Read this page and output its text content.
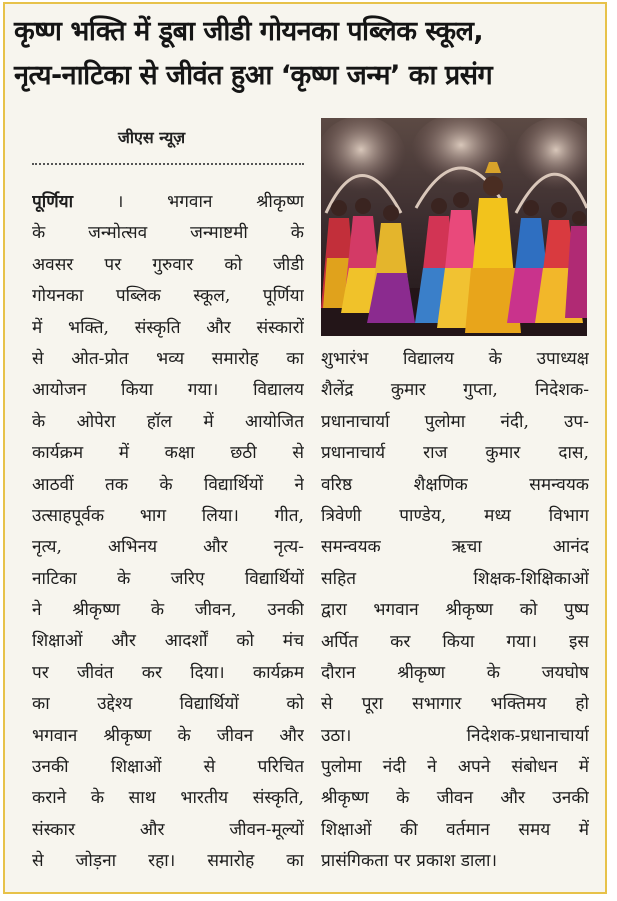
कृष्ण भक्ति में डूबा जीडी गोयनका पब्लिक स्कूल,
नृत्य-नाटिका से जीवंत हुआ ‘कृष्ण जन्म’ का प्रसंग
जीएस न्यूज़
पूर्णिया	। भगवान श्रीकृष्ण
के जन्मोत्सव जन्माष्टमी के
अवसर पर गुरुवार को जीडी
गोयनका पब्लिक स्कूल, पूर्णिया
में भक्ति, संस्कृति और संस्कारों
से ओत-प्रोत भव्य समारोह का
आयोजन किया गया। विद्यालय
के ओपेरा हॉल में आयोजित
कार्यक्रम में कक्षा छठी से
आठवीं तक के विद्यार्थियों ने
उत्साहपूर्वक भाग लिया। गीत,
नृत्य, अभिनय और नृत्य-
नाटिका के जरिए विद्यार्थियों
ने श्रीकृष्ण के जीवन, उनकी
शिक्षाओं और आदर्शों को मंच
पर जीवंत कर दिया। कार्यक्रम
का उद्देश्य विद्यार्थियों को
भगवान श्रीकृष्ण के जीवन और
उनकी शिक्षाओं से परिचित
कराने के साथ भारतीय संस्कृति,
संस्कार और जीवन-मूल्यों
से जोड़ना रहा। समारोह का
शुभारंभ विद्यालय के उपाध्यक्ष
शैलेंद्र कुमार गुप्ता, निदेशक-
प्रधानाचार्या पुलोमा नंदी, उप-
प्रधानाचार्य राज कुमार दास,
वरिष्ठ शैक्षणिक समन्वयक
त्रिवेणी पाण्डेय, मध्य विभाग
समन्वयक ऋचा आनंद
सहित शिक्षक-शिक्षिकाओं
द्वारा भगवान श्रीकृष्ण को पुष्प
अर्पित कर किया गया। इस
दौरान श्रीकृष्ण के जयघोष
से पूरा सभागार भक्तिमय हो
उठा। निदेशक-प्रधानाचार्या
पुलोमा नंदी ने अपने संबोधन में
श्रीकृष्ण के जीवन और उनकी
शिक्षाओं की वर्तमान समय में
प्रासंगिकता पर प्रकाश डाला।
